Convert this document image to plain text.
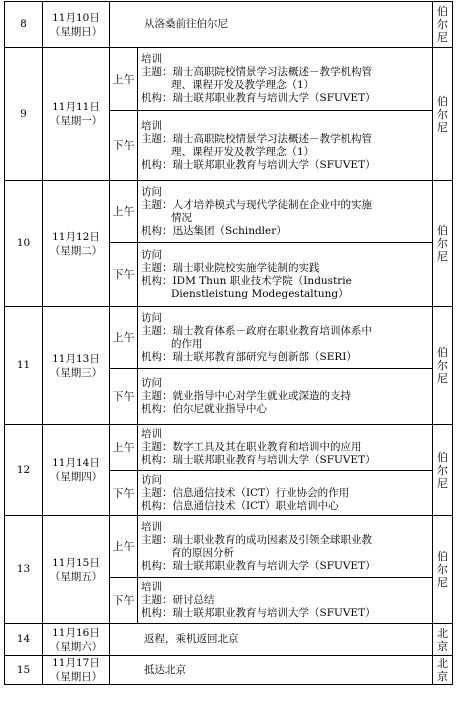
8	11月10日
（星期日）	从洛桑前往伯尔尼		伯
尔
尼

9	11月11日
（星期一）	上午	培训
主题：瑞士高职院校情景学习法概述－教学机构管
理、课程开发及教学理念（1）
机构：瑞士联邦职业教育与培训大学（SFUVET）	伯
尔
尼

		下午	培训
主题：瑞士高职院校情景学习法概述－教学机构管
理、课程开发及教学理念（1）
机构：瑞士联邦职业教育与培训大学（SFUVET）	

10	11月12日
（星期二）	上午	访问
主题：人才培养模式与现代学徒制在企业中的实施
情况
机构：迅达集团（Schindler）	伯
尔
尼

		下午	访问
主题：瑞士职业院校实施学徒制的实践
机构：IDM Thun 职业技术学院（Industrie
Dienstleistung Modegestaltung）	

11	11月13日
（星期三）	上午	访问
主题：瑞士教育体系－政府在职业教育培训体系中
的作用
机构：瑞士联邦教育部研究与创新部（SERI）	伯
尔
尼

		下午	访问
主题：就业指导中心对学生就业或深造的支持
机构：伯尔尼就业指导中心	

12	11月14日
（星期四）	上午	培训
主题：数字工具及其在职业教育和培训中的应用
机构：瑞士联邦职业教育与培训大学（SFUVET）	伯
尔
尼

		下午	访问
主题：信息通信技术（ICT）行业协会的作用
机构：信息通信技术（ICT）职业培训中心	

13	11月15日
（星期五）	上午	培训
主题：瑞士职业教育的成功因素及引领全球职业教
育的原因分析
机构：瑞士联邦职业教育与培训大学（SFUVET）	伯
尔
尼

		下午	培训
主题：研讨总结
机构：瑞士联邦职业教育与培训大学（SFUVET）	

14	11月16日
（星期六）	返程，乘机返回北京		北
京

15	11月17日
（星期日）	抵达北京		北
京
